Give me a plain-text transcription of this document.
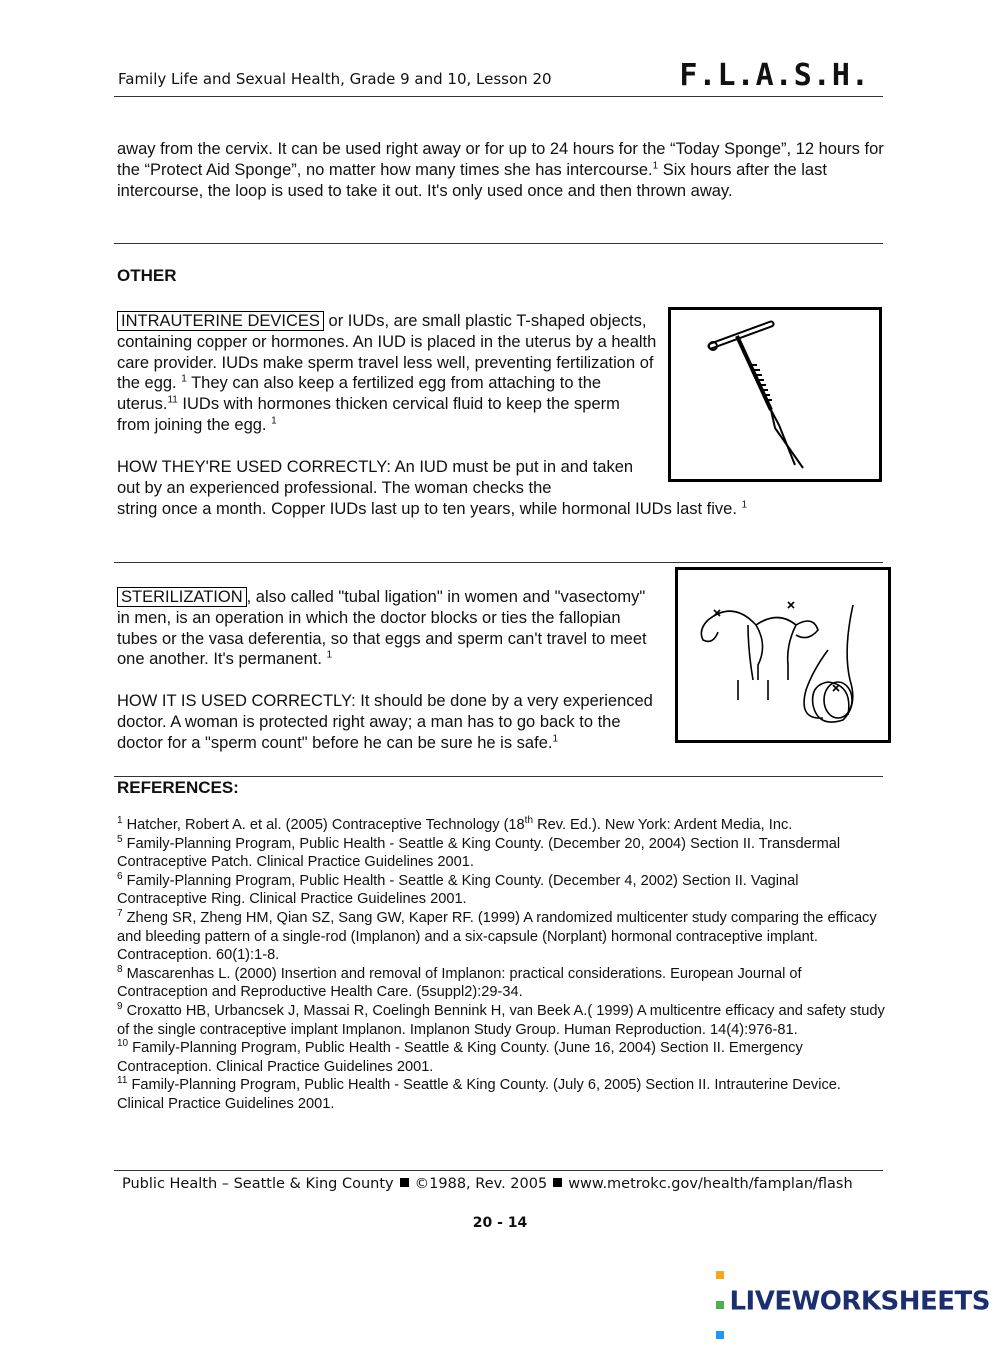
Family Life and Sexual Health, Grade 9 and 10, Lesson 20	F.L.A.S.H.
away from the cervix. It can be used right away or for up to 24 hours for the “Today Sponge”, 12 hours for the “Protect Aid Sponge”, no matter how many times she has intercourse.$^1$ Six hours after the last intercourse, the loop is used to take it out. It's only used once and then thrown away.
OTHER
INTRAUTERINE DEVICES or IUDs, are small plastic T-shaped objects, containing copper or hormones. An IUD is placed in the uterus by a health care provider. IUDs make sperm travel less well, preventing fertilization of the egg. $^1$ They can also keep a fertilized egg from attaching to the uterus.$^{11}$ IUDs with hormones thicken cervical fluid to keep the sperm from joining the egg. $^1$
HOW THEY'RE USED CORRECTLY: An IUD must be put in and taken out by an experienced professional. The woman checks the
string once a month. Copper IUDs last up to ten years, while hormonal IUDs last five. $^1$
STERILIZATION , also called "tubal ligation" in women and "vasectomy" in men, is an operation in which the doctor blocks or ties the fallopian tubes or the vasa deferentia, so that eggs and sperm can't travel to meet one another. It's permanent. $^1$
HOW IT IS USED CORRECTLY: It should be done by a very experienced doctor. A woman is protected right away; a man has to go back to the doctor for a "sperm count" before he can be sure he is safe.$^1$
REFERENCES:

$^1$ Hatcher, Robert A. et al. (2005) Contraceptive Technology (18th Rev. Ed.). New York: Ardent Media, Inc.

$^5$ Family-Planning Program, Public Health - Seattle & King County. (December 20, 2004) Section II. Transdermal Contraceptive Patch. Clinical Practice Guidelines 2001.

$^6$ Family-Planning Program, Public Health - Seattle & King County. (December 4, 2002) Section II. Vaginal Contraceptive Ring. Clinical Practice Guidelines 2001.

$^7$ Zheng SR, Zheng HM, Qian SZ, Sang GW, Kaper RF. (1999) A randomized multicenter study comparing the efficacy and bleeding pattern of a single-rod (Implanon) and a six-capsule (Norplant) hormonal contraceptive implant. Contraception. 60(1):1-8.

$^8$ Mascarenhas L. (2000) Insertion and removal of Implanon: practical considerations. European Journal of Contraception and Reproductive Health Care. (5suppl2):29-34.

$^9$ Croxatto HB, Urbancsek J, Massai R, Coelingh Bennink H, van Beek A.( 1999) A multicentre efficacy and safety study of the single contraceptive implant Implanon. Implanon Study Group. Human Reproduction. 14(4):976-81.

$^{10}$ Family-Planning Program, Public Health - Seattle & King County. (June 16, 2004) Section II. Emergency Contraception. Clinical Practice Guidelines 2001.

$^{11}$ Family-Planning Program, Public Health - Seattle & King County. (July 6, 2005) Section II. Intrauterine Device. Clinical Practice Guidelines 2001.

Public Health – Seattle & King County ©1988, Rev. 2005 www.metrokc.gov/health/famplan/flash
20 - 14

LIVEWORKSHEETS
